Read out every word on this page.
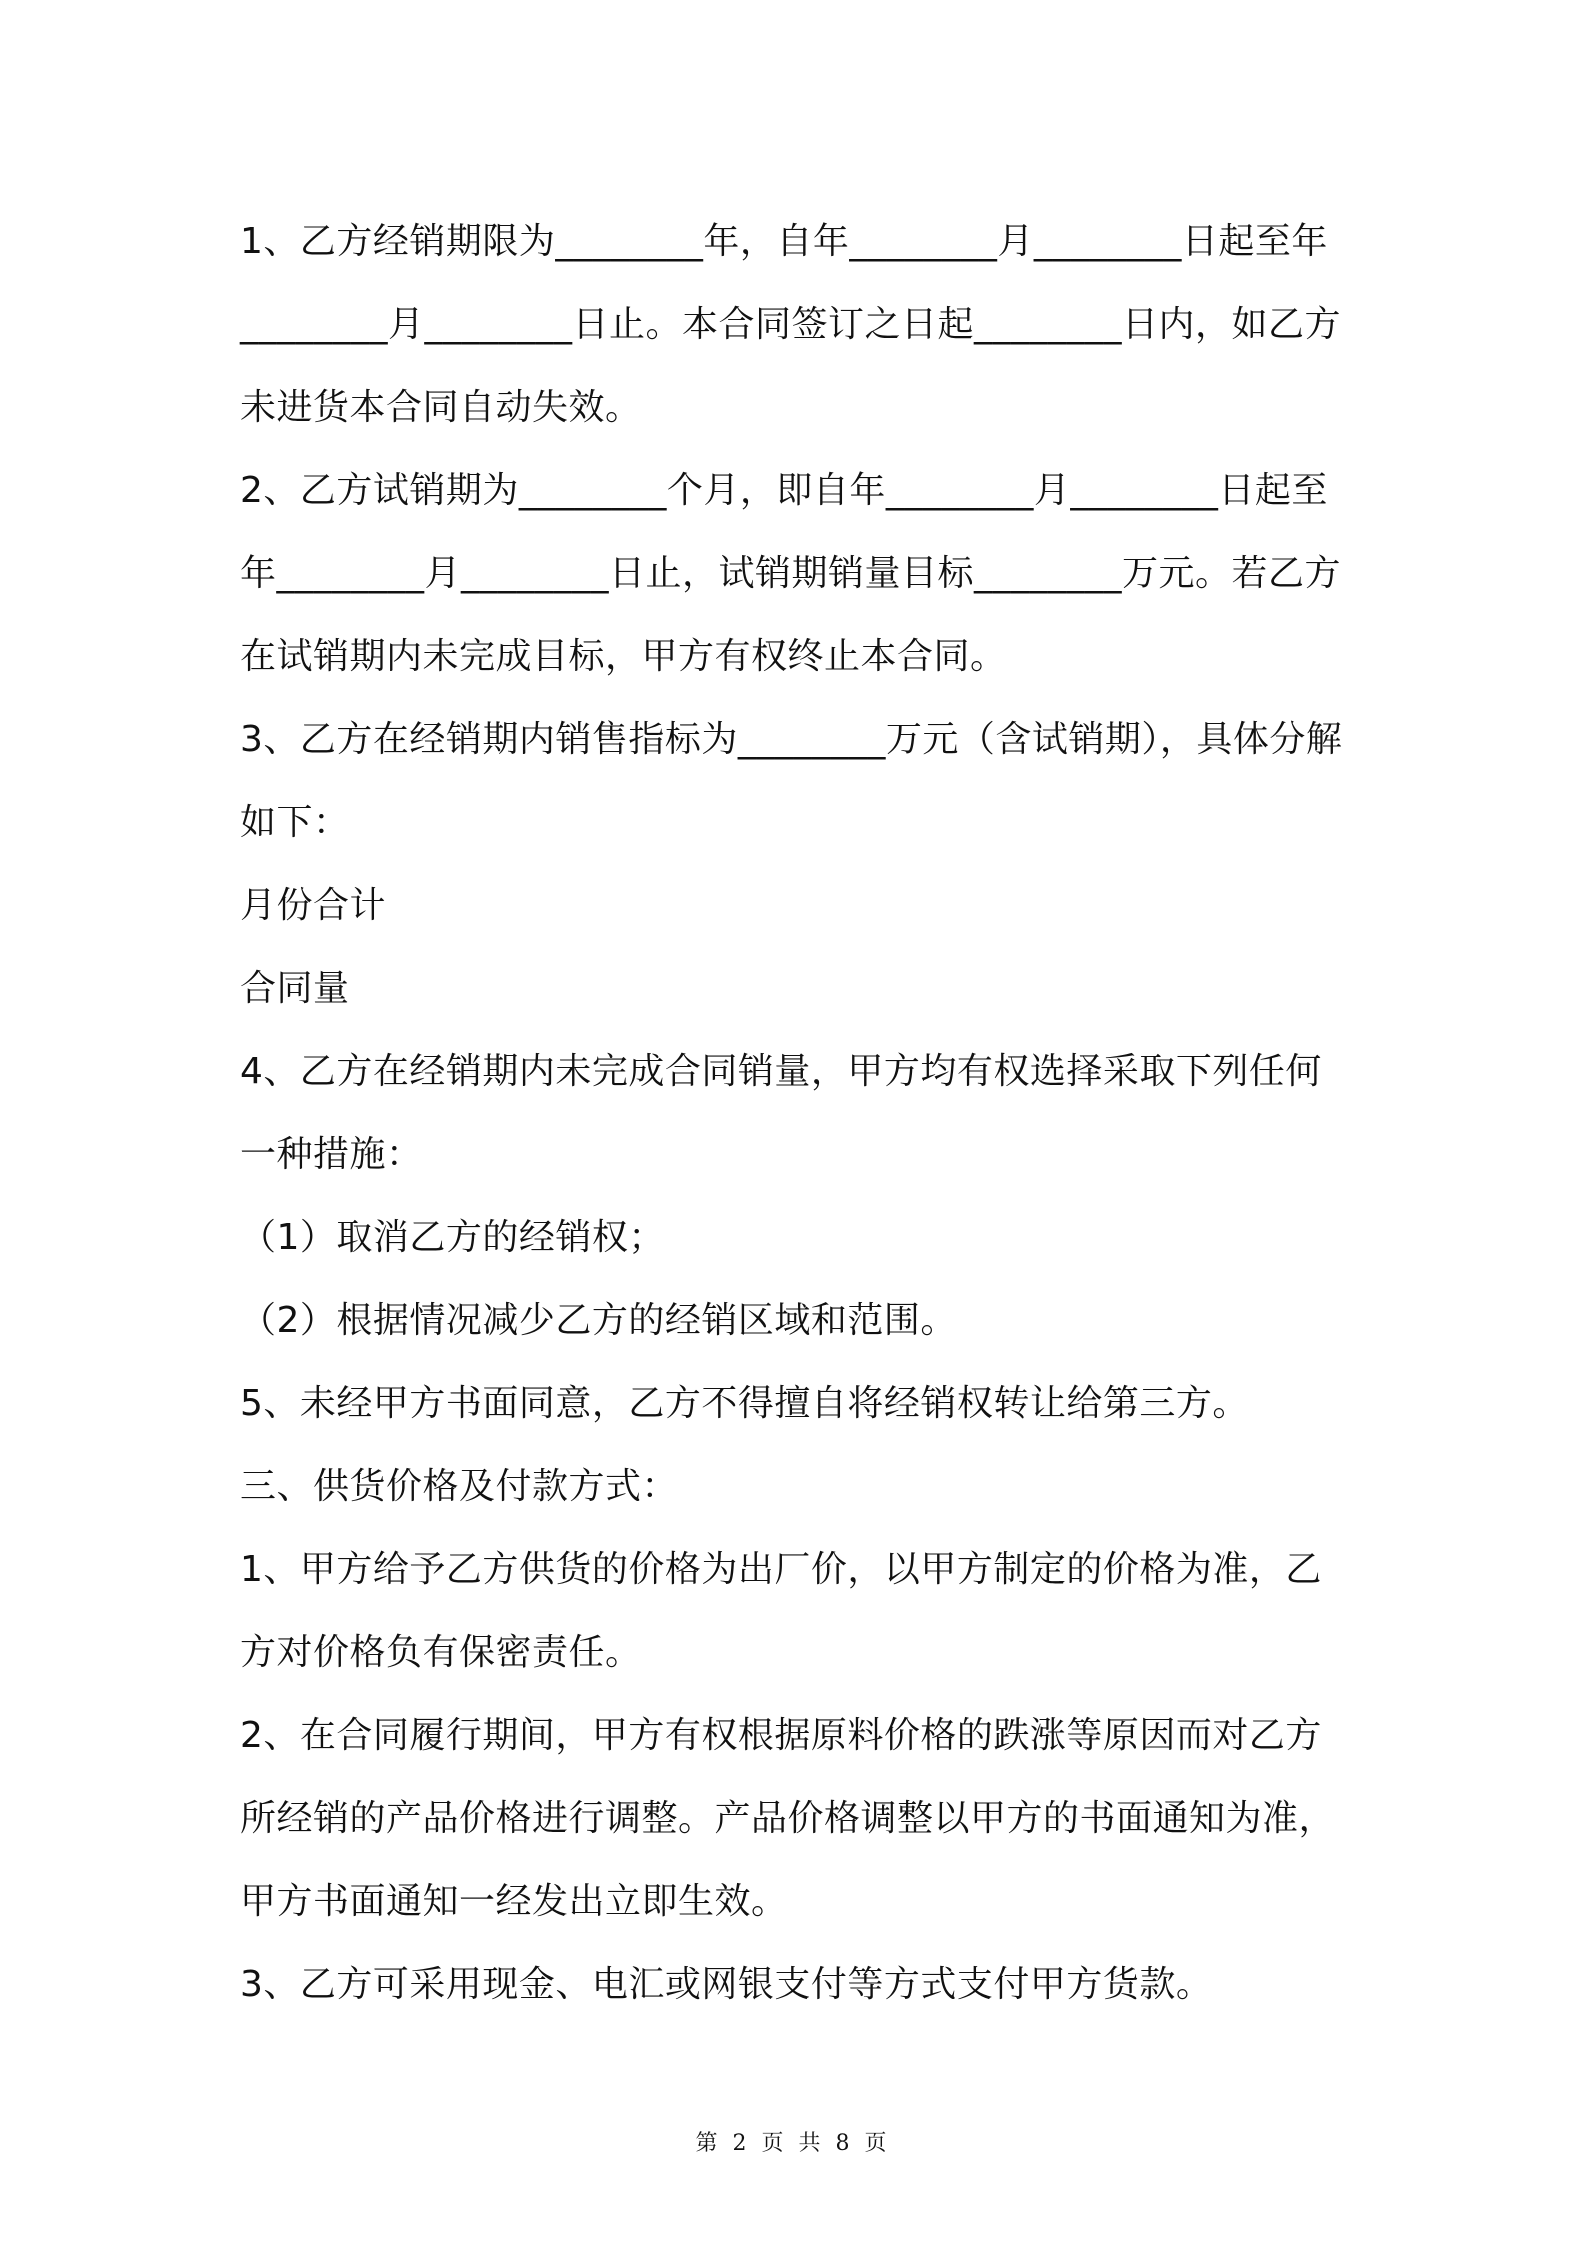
1、乙方经销期限为________年，自年________月________日起至年
________月________日止。本合同签订之日起________日内，如乙方
未进货本合同自动失效。
2、乙方试销期为________个月，即自年________月________日起至
年________月________日止，试销期销量目标________万元。若乙方
在试销期内未完成目标，甲方有权终止本合同。
3、乙方在经销期内销售指标为________万元（含试销期），具体分解
如下：
月份合计
合同量
4、乙方在经销期内未完成合同销量，甲方均有权选择采取下列任何
一种措施：
（1）取消乙方的经销权；
（2）根据情况减少乙方的经销区域和范围。
5、未经甲方书面同意，乙方不得擅自将经销权转让给第三方。
三、供货价格及付款方式：
1、甲方给予乙方供货的价格为出厂价，以甲方制定的价格为准，乙
方对价格负有保密责任。
2、在合同履行期间，甲方有权根据原料价格的跌涨等原因而对乙方
所经销的产品价格进行调整。产品价格调整以甲方的书面通知为准，
甲方书面通知一经发出立即生效。
3、乙方可采用现金、电汇或网银支付等方式支付甲方货款。
第 2 页 共 8 页
